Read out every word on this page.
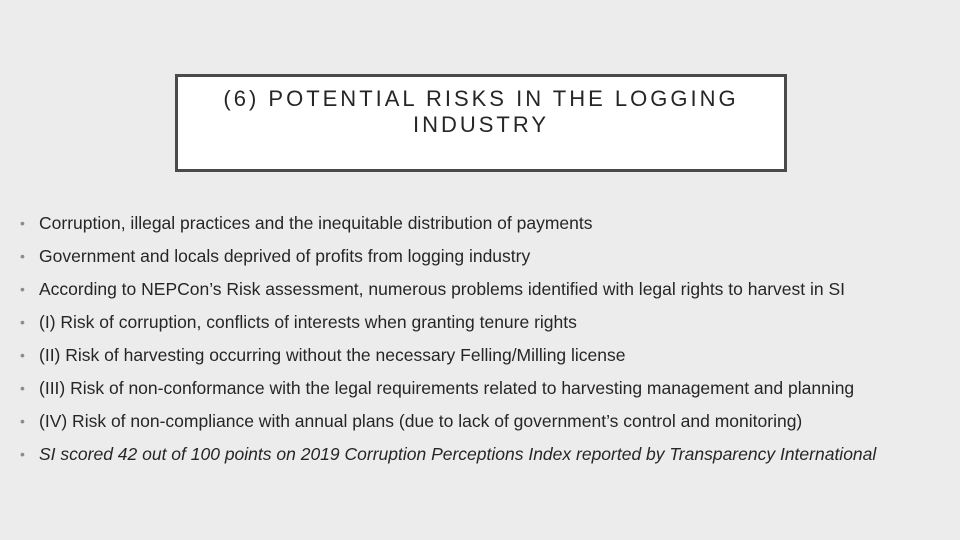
(6) POTENTIAL RISKS IN THE LOGGING
INDUSTRY
• Corruption, illegal practices and the inequitable distribution of payments
• Government and locals deprived of profits from logging industry
• According to NEPCon’s Risk assessment, numerous problems identified with legal rights to harvest in SI
• (I) Risk of corruption, conflicts of interests when granting tenure rights
• (II) Risk of harvesting occurring without the necessary Felling/Milling license
• (III) Risk of non-conformance with the legal requirements related to harvesting management and planning
• (IV) Risk of non-compliance with annual plans (due to lack of government’s control and monitoring)
• SI scored 42 out of 100 points on 2019 Corruption Perceptions Index reported by Transparency International
